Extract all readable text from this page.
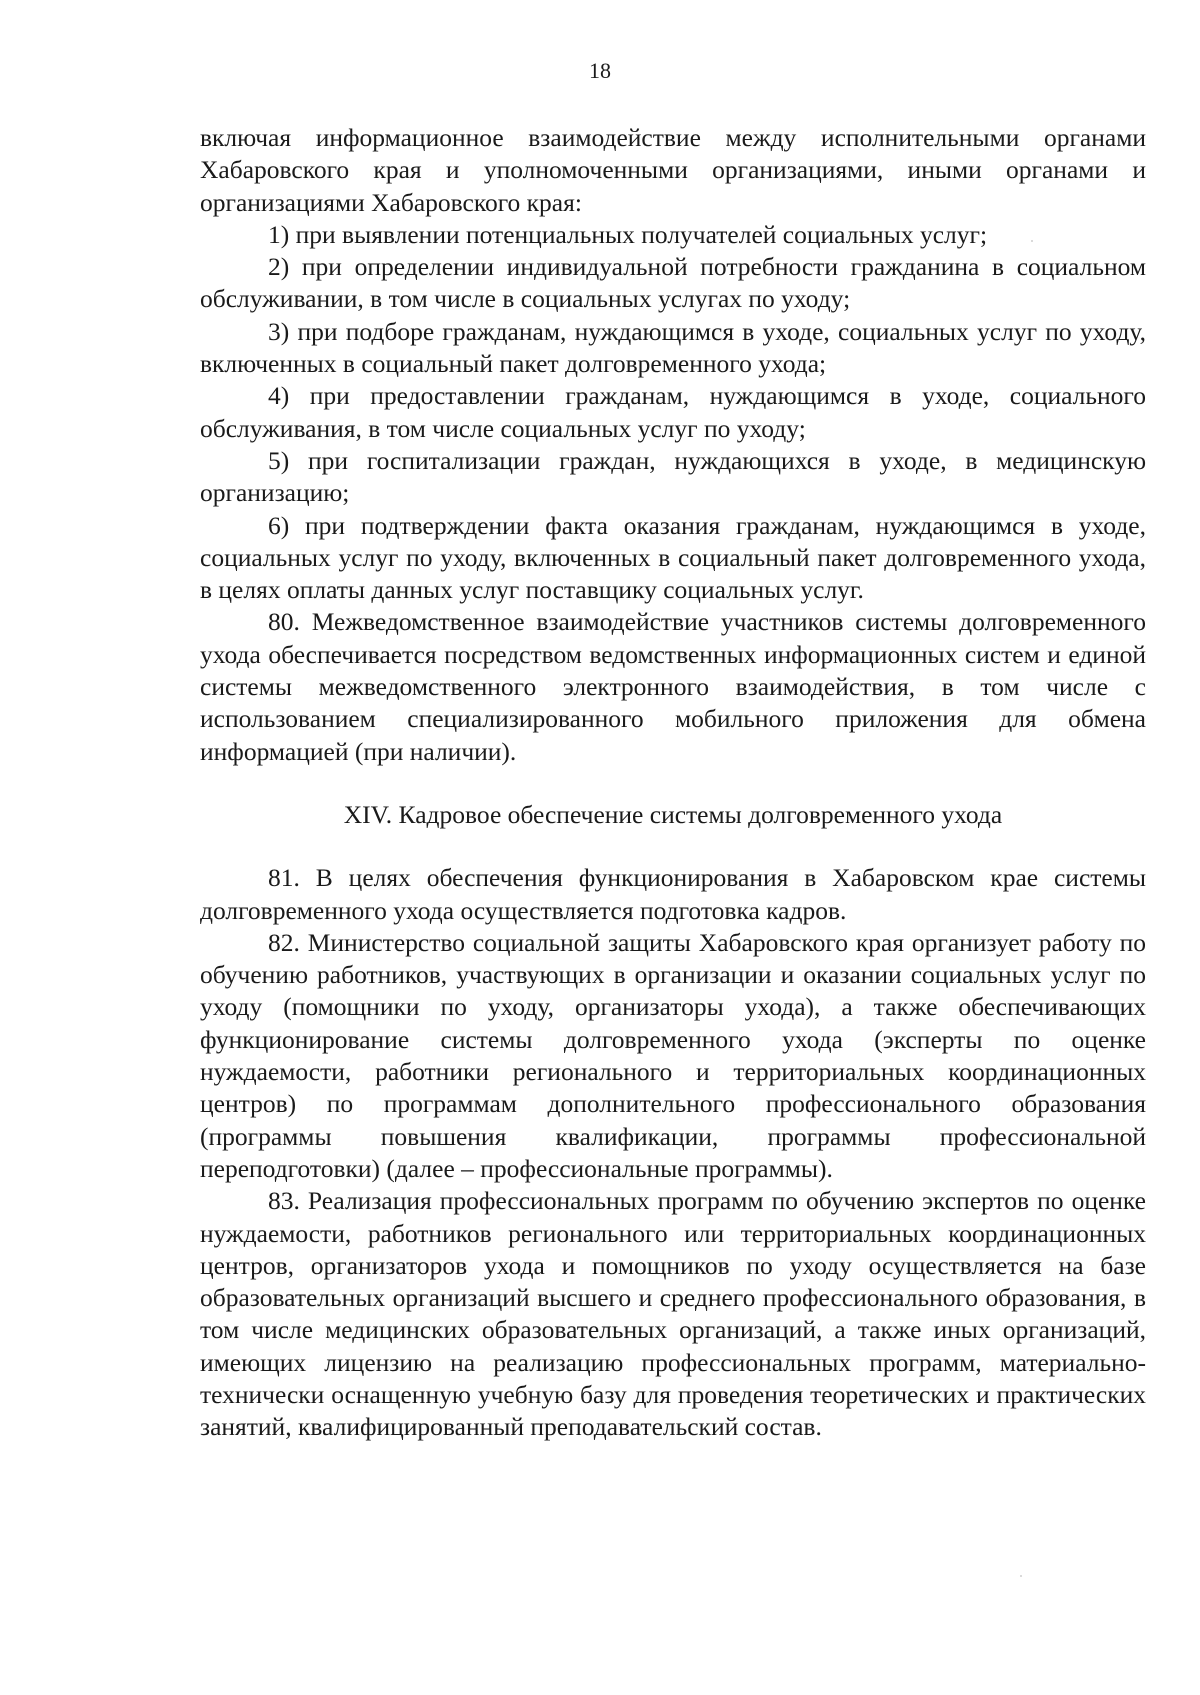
18

включая информационное взаимодействие между исполнительными органами Хабаровского края и уполномоченными организациями, иными органами и организациями Хабаровского края:

1) при выявлении потенциальных получателей социальных услуг;

2) при определении индивидуальной потребности гражданина в социальном обслуживании, в том числе в социальных услугах по уходу;

3) при подборе гражданам, нуждающимся в уходе, социальных услуг по уходу, включенных в социальный пакет долговременного ухода;

4) при предоставлении гражданам, нуждающимся в уходе, социального обслуживания, в том числе социальных услуг по уходу;

5) при госпитализации граждан, нуждающихся в уходе, в медицинскую организацию;

6) при подтверждении факта оказания гражданам, нуждающимся в уходе, социальных услуг по уходу, включенных в социальный пакет долговременного ухода, в целях оплаты данных услуг поставщику социальных услуг.

80. Межведомственное взаимодействие участников системы долговременного ухода обеспечивается посредством ведомственных информационных систем и единой системы межведомственного электронного взаимодействия, в том числе с использованием специализированного мобильного приложения для обмена информацией (при наличии).

XIV. Кадровое обеспечение системы долговременного ухода

81. В целях обеспечения функционирования в Хабаровском крае системы долговременного ухода осуществляется подготовка кадров.

82. Министерство социальной защиты Хабаровского края организует работу по обучению работников, участвующих в организации и оказании социальных услуг по уходу (помощники по уходу, организаторы ухода), а также обеспечивающих функционирование системы долговременного ухода (эксперты по оценке нуждаемости, работники регионального и территориальных координационных центров) по программам дополнительного профессионального образования (программы повышения квалификации, программы профессиональной переподготовки) (далее – профессиональные программы).

83. Реализация профессиональных программ по обучению экспертов по оценке нуждаемости, работников регионального или территориальных координационных центров, организаторов ухода и помощников по уходу осуществляется на базе образовательных организаций высшего и среднего профессионального образования, в том числе медицинских образовательных организаций, а также иных организаций, имеющих лицензию на реализацию профессиональных программ, материально-технически оснащенную учебную базу для проведения теоретических и практических занятий, квалифицированный преподавательский состав.
